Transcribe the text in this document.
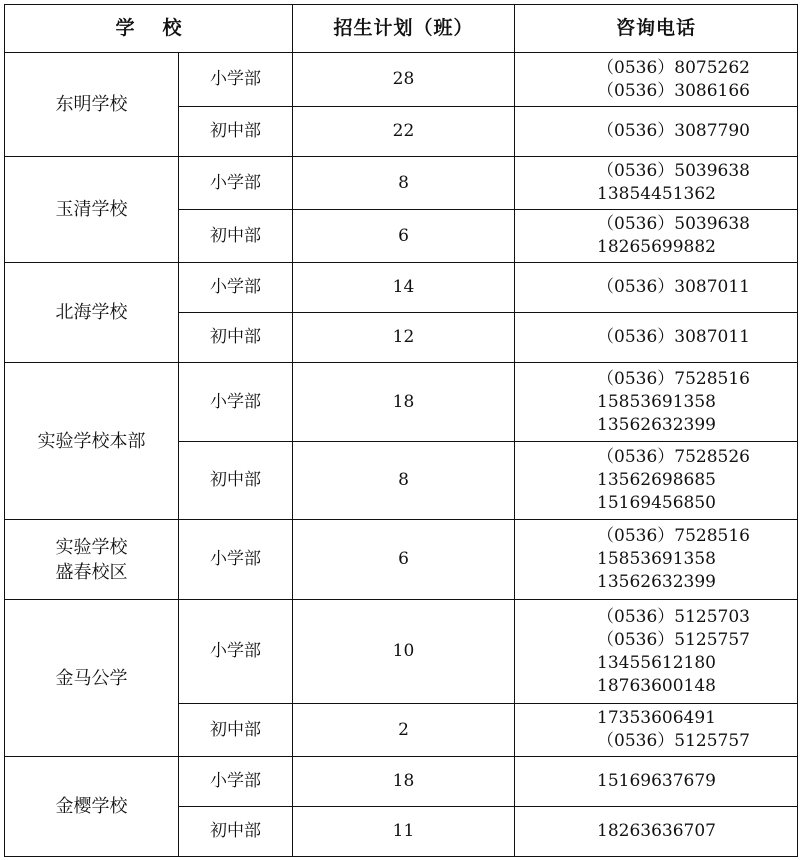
学 校		招生计划（班）	咨询电话

东明学校	小学部	28	（0536）8075262
（0536）3086166

	初中部	22	（0536）3087790

玉清学校	小学部	8	（0536）5039638
13854451362

	初中部	6	（0536）5039638
18265699882

北海学校	小学部	14	（0536）3087011

	初中部	12	（0536）3087011

实验学校本部	小学部	18	（0536）7528516
15853691358
13562632399

	初中部	8	（0536）7528526
13562698685
15169456850

实验学校
盛春校区	小学部	6	（0536）7528516
15853691358
13562632399

金马公学	小学部	10	（0536）5125703
（0536）5125757
13455612180
18763600148

	初中部	2	17353606491
（0536）5125757

金樱学校	小学部	18	15169637679

	初中部	11	18263636707
